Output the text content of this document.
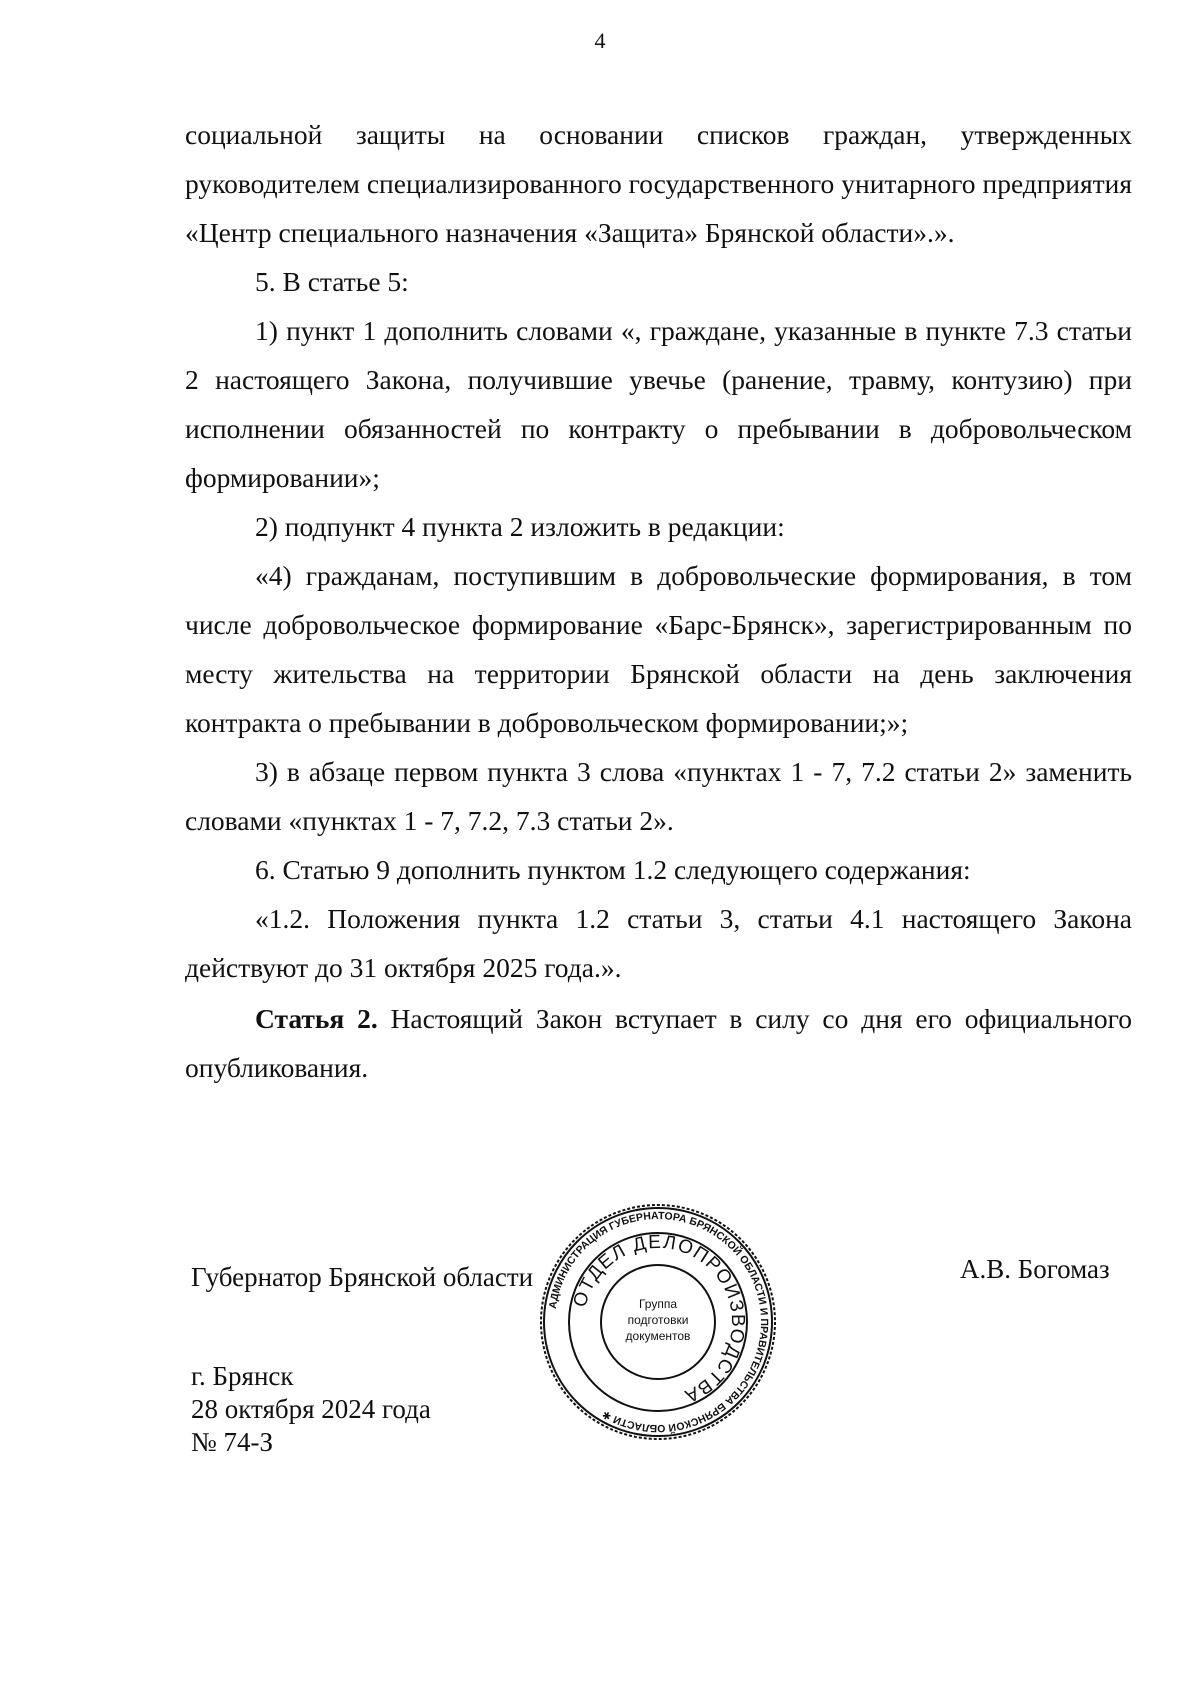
4

социальной защиты на основании списков граждан, утвержденных руководителем специализированного государственного унитарного предприятия «Центр специального назначения «Защита» Брянской области».».

5. В статье 5:

1) пункт 1 дополнить словами «, граждане, указанные в пункте 7.3 статьи 2 настоящего Закона, получившие увечье (ранение, травму, контузию) при исполнении обязанностей по контракту о пребывании в добровольческом формировании»;

2) подпункт 4 пункта 2 изложить в редакции:

«4) гражданам, поступившим в добровольческие формирования, в том числе добровольческое формирование «Барс-Брянск», зарегистрированным по месту жительства на территории Брянской области на день заключения контракта о пребывании в добровольческом формировании;»;

3) в абзаце первом пункта 3 слова «пунктах 1 - 7, 7.2 статьи 2» заменить словами «пунктах 1 - 7, 7.2, 7.3 статьи 2».

6. Статью 9 дополнить пунктом 1.2 следующего содержания:

«1.2. Положения пункта 1.2 статьи 3, статьи 4.1 настоящего Закона действуют до 31 октября 2025 года.».

Статья 2. Настоящий Закон вступает в силу со дня его официального опубликования.

Губернатор Брянской области	А.В. Богомаз
г. Брянск
28 октября 2024 года
№ 74-З
АДМИНИСТРАЦИЯ ГУБЕРНАТОРА БРЯНСКОЙ ОБЛАСТИ И ПРАВИТЕЛЬСТВА БРЯНСКОЙ ОБЛАСТИ ✱
ОТДЕЛ ДЕЛОПРОИЗВОДСТВА
Группа
подготовки
документов
